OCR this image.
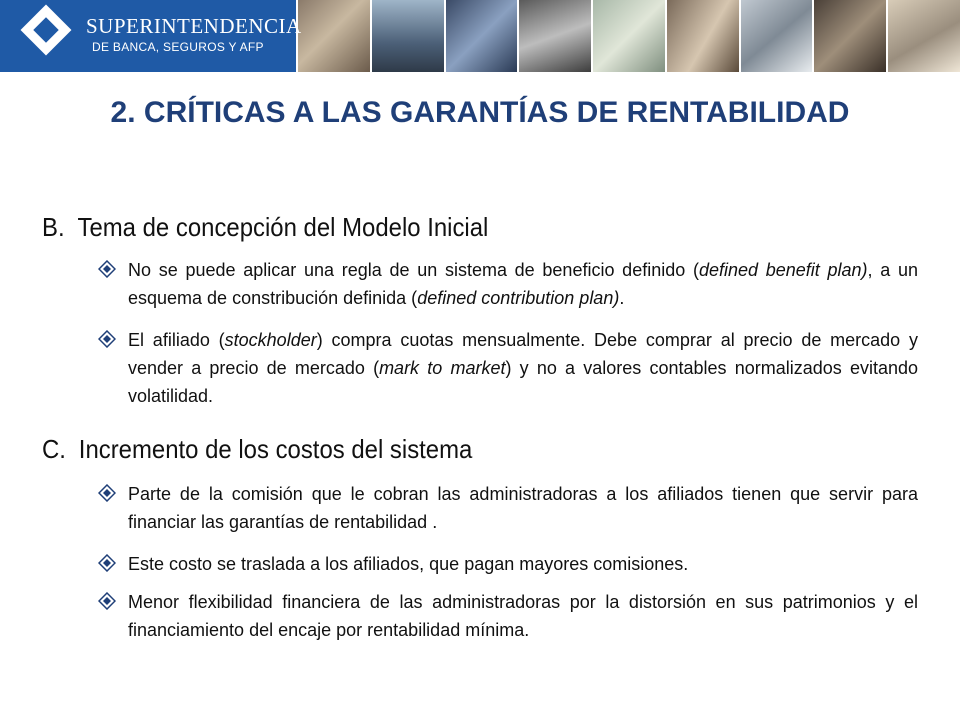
SUPERINTENDENCIA
DE BANCA, SEGUROS Y AFP
2. CRÍTICAS A LAS GARANTÍAS DE RENTABILIDAD
B. Tema de concepción del Modelo Inicial
No se puede aplicar una regla de un sistema de beneficio definido (defined benefit plan), a un esquema de constribución definida (defined contribution plan).
El afiliado (stockholder) compra cuotas mensualmente. Debe comprar al precio de mercado y vender a precio de mercado (mark to market) y no a valores contables normalizados evitando volatilidad.
C. Incremento de los costos del sistema
Parte de la comisión que le cobran las administradoras a los afiliados tienen que servir para financiar las garantías de rentabilidad .
Este costo se traslada a los afiliados, que pagan mayores comisiones.
Menor flexibilidad financiera de las administradoras por la distorsión en sus patrimonios y el financiamiento del encaje por rentabilidad mínima.
